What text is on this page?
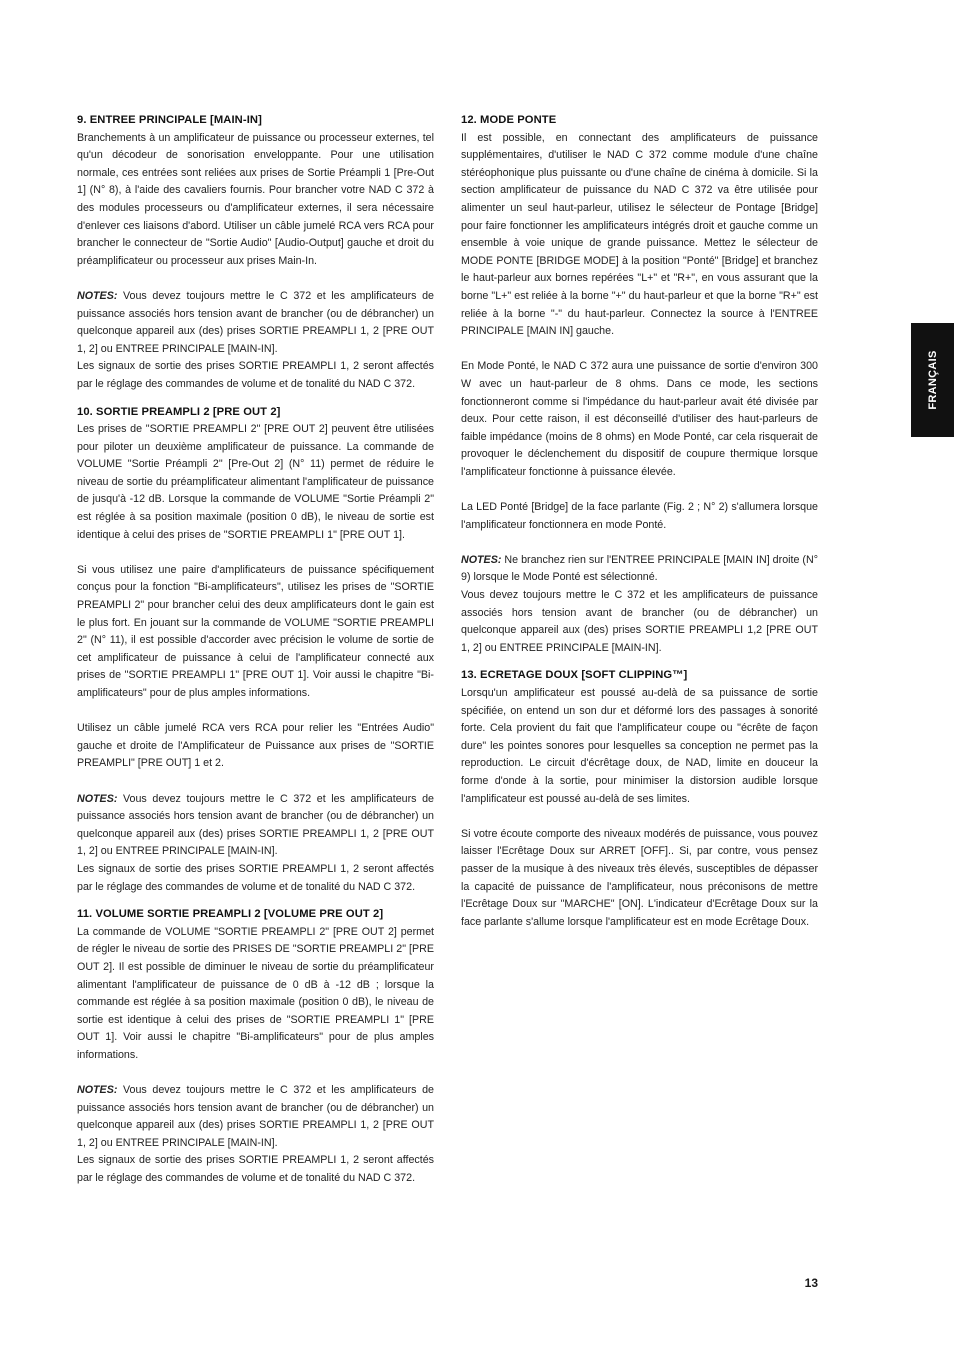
9. ENTREE PRINCIPALE [MAIN-IN]

Branchements à un amplificateur de puissance ou processeur externes, tel qu'un décodeur de sonorisation enveloppante. Pour une utilisation normale, ces entrées sont reliées aux prises de Sortie Préampli 1 [Pre-Out 1] (N° 8), à l'aide des cavaliers fournis. Pour brancher votre NAD C 372 à des modules processeurs ou d'amplificateur externes, il sera nécessaire d'enlever ces liaisons d'abord. Utiliser un câble jumelé RCA vers RCA pour brancher le connecteur de "Sortie Audio" [Audio-Output] gauche et droit du préamplificateur ou processeur aux prises Main-In.

NOTES: Vous devez toujours mettre le C 372 et les amplificateurs de puissance associés hors tension avant de brancher (ou de débrancher) un quelconque appareil aux (des) prises SORTIE PREAMPLI 1, 2 [PRE OUT 1, 2] ou ENTREE PRINCIPALE [MAIN-IN].

Les signaux de sortie des prises SORTIE PREAMPLI 1, 2 seront affectés par le réglage des commandes de volume et de tonalité du NAD C 372.

10. SORTIE PREAMPLI 2 [PRE OUT 2]

Les prises de "SORTIE PREAMPLI 2" [PRE OUT 2] peuvent être utilisées pour piloter un deuxième amplificateur de puissance. La commande de VOLUME "Sortie Préampli 2" [Pre-Out 2] (N° 11) permet de réduire le niveau de sortie du préamplificateur alimentant l'amplificateur de puissance de jusqu'à -12 dB. Lorsque la commande de VOLUME "Sortie Préampli 2" est réglée à sa position maximale (position 0 dB), le niveau de sortie est identique à celui des prises de "SORTIE PREAMPLI 1" [PRE OUT 1].

Si vous utilisez une paire d'amplificateurs de puissance spécifiquement conçus pour la fonction "Bi-amplificateurs", utilisez les prises de "SORTIE PREAMPLI 2" pour brancher celui des deux amplificateurs dont le gain est le plus fort. En jouant sur la commande de VOLUME "SORTIE PREAMPLI 2" (N° 11), il est possible d'accorder avec précision le volume de sortie de cet amplificateur de puissance à celui de l'amplificateur connecté aux prises de "SORTIE PREAMPLI 1" [PRE OUT 1]. Voir aussi le chapitre "Bi-amplificateurs" pour de plus amples informations.

Utilisez un câble jumelé RCA vers RCA pour relier les "Entrées Audio" gauche et droite de l'Amplificateur de Puissance aux prises de "SORTIE PREAMPLI" [PRE OUT] 1 et 2.

NOTES: Vous devez toujours mettre le C 372 et les amplificateurs de puissance associés hors tension avant de brancher (ou de débrancher) un quelconque appareil aux (des) prises SORTIE PREAMPLI 1, 2 [PRE OUT 1, 2] ou ENTREE PRINCIPALE [MAIN-IN].

Les signaux de sortie des prises SORTIE PREAMPLI 1, 2 seront affectés par le réglage des commandes de volume et de tonalité du NAD C 372.

11. VOLUME SORTIE PREAMPLI 2 [VOLUME PRE OUT 2]

La commande de VOLUME "SORTIE PREAMPLI 2" [PRE OUT 2] permet de régler le niveau de sortie des PRISES DE "SORTIE PREAMPLI 2" [PRE OUT 2]. Il est possible de diminuer le niveau de sortie du préamplificateur alimentant l'amplificateur de puissance de 0 dB à -12 dB ; lorsque la commande est réglée à sa position maximale (position 0 dB), le niveau de sortie est identique à celui des prises de "SORTIE PREAMPLI 1" [PRE OUT 1]. Voir aussi le chapitre "Bi-amplificateurs" pour de plus amples informations.

NOTES: Vous devez toujours mettre le C 372 et les amplificateurs de puissance associés hors tension avant de brancher (ou de débrancher) un quelconque appareil aux (des) prises SORTIE PREAMPLI 1, 2 [PRE OUT 1, 2] ou ENTREE PRINCIPALE [MAIN-IN].

Les signaux de sortie des prises SORTIE PREAMPLI 1, 2 seront affectés par le réglage des commandes de volume et de tonalité du NAD C 372.

12. MODE PONTE

Il est possible, en connectant des amplificateurs de puissance supplémentaires, d'utiliser le NAD C 372 comme module d'une chaîne stéréophonique plus puissante ou d'une chaîne de cinéma à domicile. Si la section amplificateur de puissance du NAD C 372 va être utilisée pour alimenter un seul haut-parleur, utilisez le sélecteur de Pontage [Bridge] pour faire fonctionner les amplificateurs intégrés droit et gauche comme un ensemble à voie unique de grande puissance. Mettez le sélecteur de MODE PONTE [BRIDGE MODE] à la position "Ponté" [Bridge] et branchez le haut-parleur aux bornes repérées "L+" et "R+", en vous assurant que la borne "L+" est reliée à la borne "+" du haut-parleur et que la borne "R+" est reliée à la borne "-" du haut-parleur. Connectez la source à l'ENTREE PRINCIPALE [MAIN IN] gauche.

En Mode Ponté, le NAD C 372 aura une puissance de sortie d'environ 300 W avec un haut-parleur de 8 ohms. Dans ce mode, les sections fonctionneront comme si l'impédance du haut-parleur avait été divisée par deux. Pour cette raison, il est déconseillé d'utiliser des haut-parleurs de faible impédance (moins de 8 ohms) en Mode Ponté, car cela risquerait de provoquer le déclenchement du dispositif de coupure thermique lorsque l'amplificateur fonctionne à puissance élevée.

La LED Ponté [Bridge] de la face parlante (Fig. 2 ; N° 2) s'allumera lorsque l'amplificateur fonctionnera en mode Ponté.

NOTES: Ne branchez rien sur l'ENTREE PRINCIPALE [MAIN IN] droite (N° 9) lorsque le Mode Ponté est sélectionné.

Vous devez toujours mettre le C 372 et les amplificateurs de puissance associés hors tension avant de brancher (ou de débrancher) un quelconque appareil aux (des) prises SORTIE PREAMPLI 1,2 [PRE OUT 1, 2] ou ENTREE PRINCIPALE [MAIN-IN].

13. ECRETAGE DOUX [SOFT CLIPPING™]

Lorsqu'un amplificateur est poussé au-delà de sa puissance de sortie spécifiée, on entend un son dur et déformé lors des passages à sonorité forte. Cela provient du fait que l'amplificateur coupe ou "écrête de façon dure" les pointes sonores pour lesquelles sa conception ne permet pas la reproduction. Le circuit d'écrêtage doux, de NAD, limite en douceur la forme d'onde à la sortie, pour minimiser la distorsion audible lorsque l'amplificateur est poussé au-delà de ses limites.

Si votre écoute comporte des niveaux modérés de puissance, vous pouvez laisser l'Ecrêtage Doux sur ARRET [OFF].. Si, par contre, vous pensez passer de la musique à des niveaux très élevés, susceptibles de dépasser la capacité de puissance de l'amplificateur, nous préconisons de mettre l'Ecrêtage Doux sur "MARCHE" [ON]. L'indicateur d'Ecrêtage Doux sur la face parlante s'allume lorsque l'amplificateur est en mode Ecrêtage Doux.

FRANÇAIS
13
